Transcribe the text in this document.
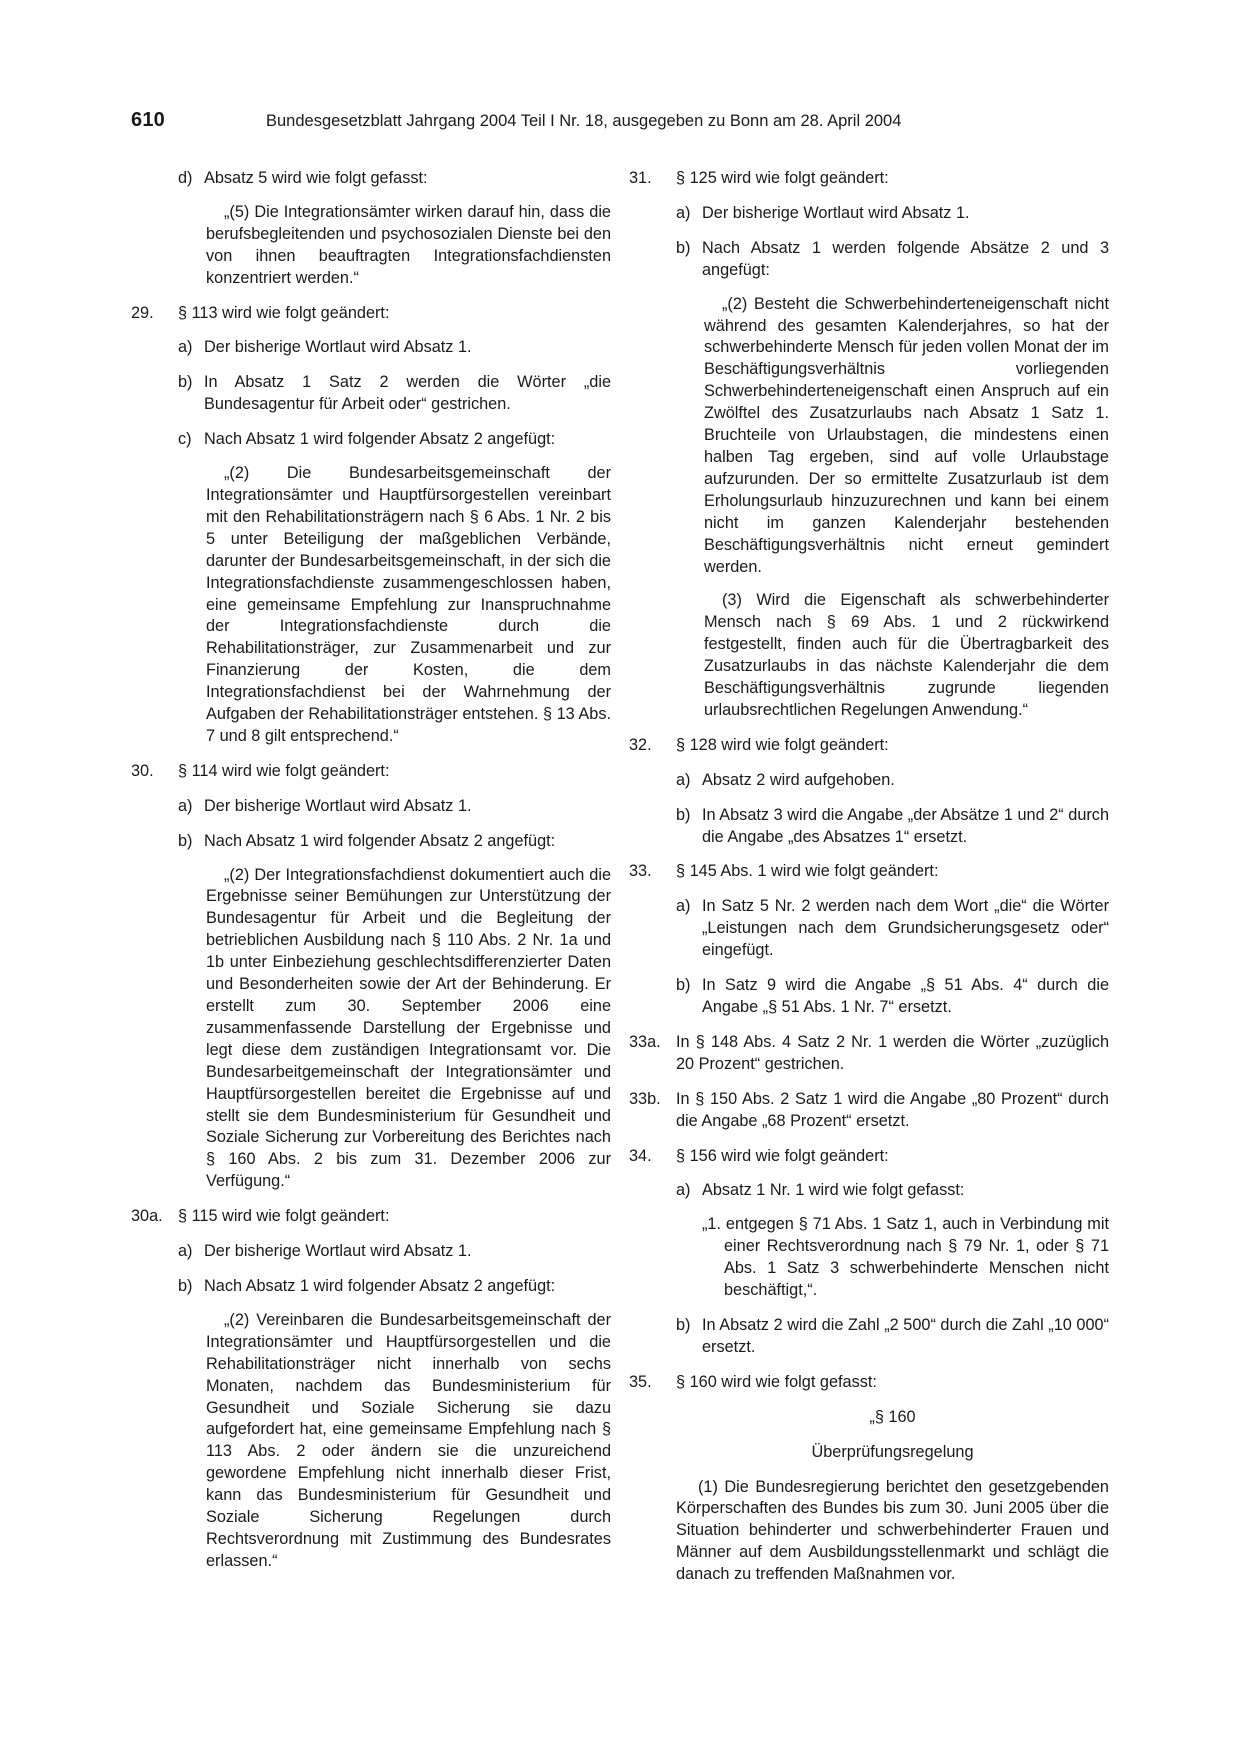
610	Bundesgesetzblatt Jahrgang 2004 Teil I Nr. 18, ausgegeben zu Bonn am 28. April 2004
d) Absatz 5 wird wie folgt gefasst:
„(5) Die Integrationsämter wirken darauf hin, dass die berufsbegleitenden und psychosozialen Dienste bei den von ihnen beauftragten Integrationsfachdiensten konzentriert werden.“
29. § 113 wird wie folgt geändert:
a) Der bisherige Wortlaut wird Absatz 1.
b) In Absatz 1 Satz 2 werden die Wörter „die Bundesagentur für Arbeit oder“ gestrichen.
c) Nach Absatz 1 wird folgender Absatz 2 angefügt:
„(2) Die Bundesarbeitsgemeinschaft der Integrationsämter und Hauptfürsorgestellen vereinbart mit den Rehabilitationsträgern nach § 6 Abs. 1 Nr. 2 bis 5 unter Beteiligung der maßgeblichen Verbände, darunter der Bundesarbeitsgemeinschaft, in der sich die Integrationsfachdienste zusammengeschlossen haben, eine gemeinsame Empfehlung zur Inanspruchnahme der Integrationsfachdienste durch die Rehabilitationsträger, zur Zusammenarbeit und zur Finanzierung der Kosten, die dem Integrationsfachdienst bei der Wahrnehmung der Aufgaben der Rehabilitationsträger entstehen. § 13 Abs. 7 und 8 gilt entsprechend.“
30. § 114 wird wie folgt geändert:
a) Der bisherige Wortlaut wird Absatz 1.
b) Nach Absatz 1 wird folgender Absatz 2 angefügt:
„(2) Der Integrationsfachdienst dokumentiert auch die Ergebnisse seiner Bemühungen zur Unterstützung der Bundesagentur für Arbeit und die Begleitung der betrieblichen Ausbildung nach § 110 Abs. 2 Nr. 1a und 1b unter Einbeziehung geschlechtsdifferenzierter Daten und Besonderheiten sowie der Art der Behinderung. Er erstellt zum 30. September 2006 eine zusammenfassende Darstellung der Ergebnisse und legt diese dem zuständigen Integrationsamt vor. Die Bundesarbeitgemeinschaft der Integrationsämter und Hauptfürsorgestellen bereitet die Ergebnisse auf und stellt sie dem Bundesministerium für Gesundheit und Soziale Sicherung zur Vorbereitung des Berichtes nach § 160 Abs. 2 bis zum 31. Dezember 2006 zur Verfügung.“
30a. § 115 wird wie folgt geändert:
a) Der bisherige Wortlaut wird Absatz 1.
b) Nach Absatz 1 wird folgender Absatz 2 angefügt:
„(2) Vereinbaren die Bundesarbeitsgemeinschaft der Integrationsämter und Hauptfürsorgestellen und die Rehabilitationsträger nicht innerhalb von sechs Monaten, nachdem das Bundesministerium für Gesundheit und Soziale Sicherung sie dazu aufgefordert hat, eine gemeinsame Empfehlung nach § 113 Abs. 2 oder ändern sie die unzureichend gewordene Empfehlung nicht innerhalb dieser Frist, kann das Bundesministerium für Gesundheit und Soziale Sicherung Regelungen durch Rechtsverordnung mit Zustimmung des Bundesrates erlassen.“
31. § 125 wird wie folgt geändert:
a) Der bisherige Wortlaut wird Absatz 1.
b) Nach Absatz 1 werden folgende Absätze 2 und 3 angefügt:
„(2) Besteht die Schwerbehinderteneigenschaft nicht während des gesamten Kalenderjahres, so hat der schwerbehinderte Mensch für jeden vollen Monat der im Beschäftigungsverhältnis vorliegenden Schwerbehinderteneigenschaft einen Anspruch auf ein Zwölftel des Zusatzurlaubs nach Absatz 1 Satz 1. Bruchteile von Urlaubstagen, die mindestens einen halben Tag ergeben, sind auf volle Urlaubstage aufzurunden. Der so ermittelte Zusatzurlaub ist dem Erholungsurlaub hinzuzurechnen und kann bei einem nicht im ganzen Kalenderjahr bestehenden Beschäftigungsverhältnis nicht erneut gemindert werden.
(3) Wird die Eigenschaft als schwerbehinderter Mensch nach § 69 Abs. 1 und 2 rückwirkend festgestellt, finden auch für die Übertragbarkeit des Zusatzurlaubs in das nächste Kalenderjahr die dem Beschäftigungsverhältnis zugrunde liegenden urlaubsrechtlichen Regelungen Anwendung.“
32. § 128 wird wie folgt geändert:
a) Absatz 2 wird aufgehoben.
b) In Absatz 3 wird die Angabe „der Absätze 1 und 2“ durch die Angabe „des Absatzes 1“ ersetzt.
33. § 145 Abs. 1 wird wie folgt geändert:
a) In Satz 5 Nr. 2 werden nach dem Wort „die“ die Wörter „Leistungen nach dem Grundsicherungsgesetz oder“ eingefügt.
b) In Satz 9 wird die Angabe „§ 51 Abs. 4“ durch die Angabe „§ 51 Abs. 1 Nr. 7“ ersetzt.
33a. In § 148 Abs. 4 Satz 2 Nr. 1 werden die Wörter „zuzüglich 20 Prozent“ gestrichen.
33b. In § 150 Abs. 2 Satz 1 wird die Angabe „80 Prozent“ durch die Angabe „68 Prozent“ ersetzt.
34. § 156 wird wie folgt geändert:
a) Absatz 1 Nr. 1 wird wie folgt gefasst:
„1. entgegen § 71 Abs. 1 Satz 1, auch in Verbindung mit einer Rechtsverordnung nach § 79 Nr. 1, oder § 71 Abs. 1 Satz 3 schwerbehinderte Menschen nicht beschäftigt,“.
b) In Absatz 2 wird die Zahl „2 500“ durch die Zahl „10 000“ ersetzt.
35. § 160 wird wie folgt gefasst:
„§ 160
Überprüfungsregelung
(1) Die Bundesregierung berichtet den gesetzgebenden Körperschaften des Bundes bis zum 30. Juni 2005 über die Situation behinderter und schwerbehinderter Frauen und Männer auf dem Ausbildungsstellenmarkt und schlägt die danach zu treffenden Maßnahmen vor.
